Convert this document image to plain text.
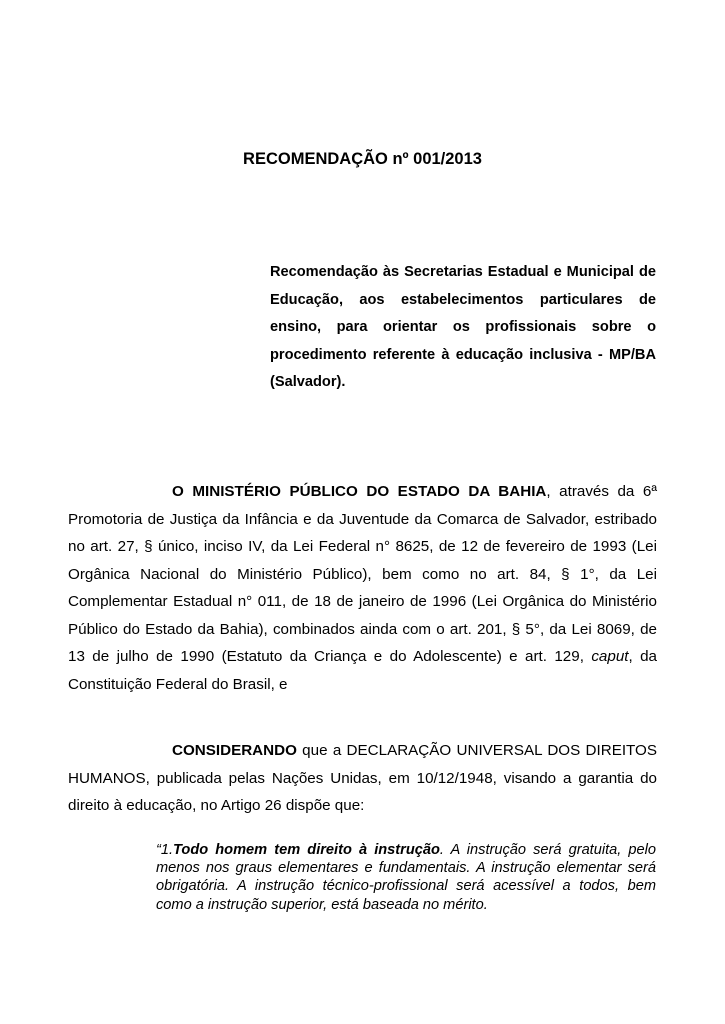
RECOMENDAÇÃO nº 001/2013
Recomendação às Secretarias Estadual e Municipal de Educação, aos estabelecimentos particulares de ensino, para orientar os profissionais sobre o procedimento referente à educação inclusiva - MP/BA (Salvador).
O MINISTÉRIO PÚBLICO DO ESTADO DA BAHIA, através da 6ª Promotoria de Justiça da Infância e da Juventude da Comarca de Salvador, estribado no art. 27, § único, inciso IV, da Lei Federal n° 8625, de 12 de fevereiro de 1993 (Lei Orgânica Nacional do Ministério Público), bem como no art. 84, § 1°, da Lei Complementar Estadual n° 011, de 18 de janeiro de 1996 (Lei Orgânica do Ministério Público do Estado da Bahia), combinados ainda com o art. 201, § 5°, da Lei 8069, de 13 de julho de 1990 (Estatuto da Criança e do Adolescente) e art. 129, caput, da Constituição Federal do Brasil, e
CONSIDERANDO que a DECLARAÇÃO UNIVERSAL DOS DIREITOS HUMANOS, publicada pelas Nações Unidas, em 10/12/1948, visando a garantia do direito à educação, no Artigo 26 dispõe que:
“1.Todo homem tem direito à instrução. A instrução será gratuita, pelo menos nos graus elementares e fundamentais. A instrução elementar será obrigatória. A instrução técnico-profissional será acessível a todos, bem como a instrução superior, está baseada no mérito.
